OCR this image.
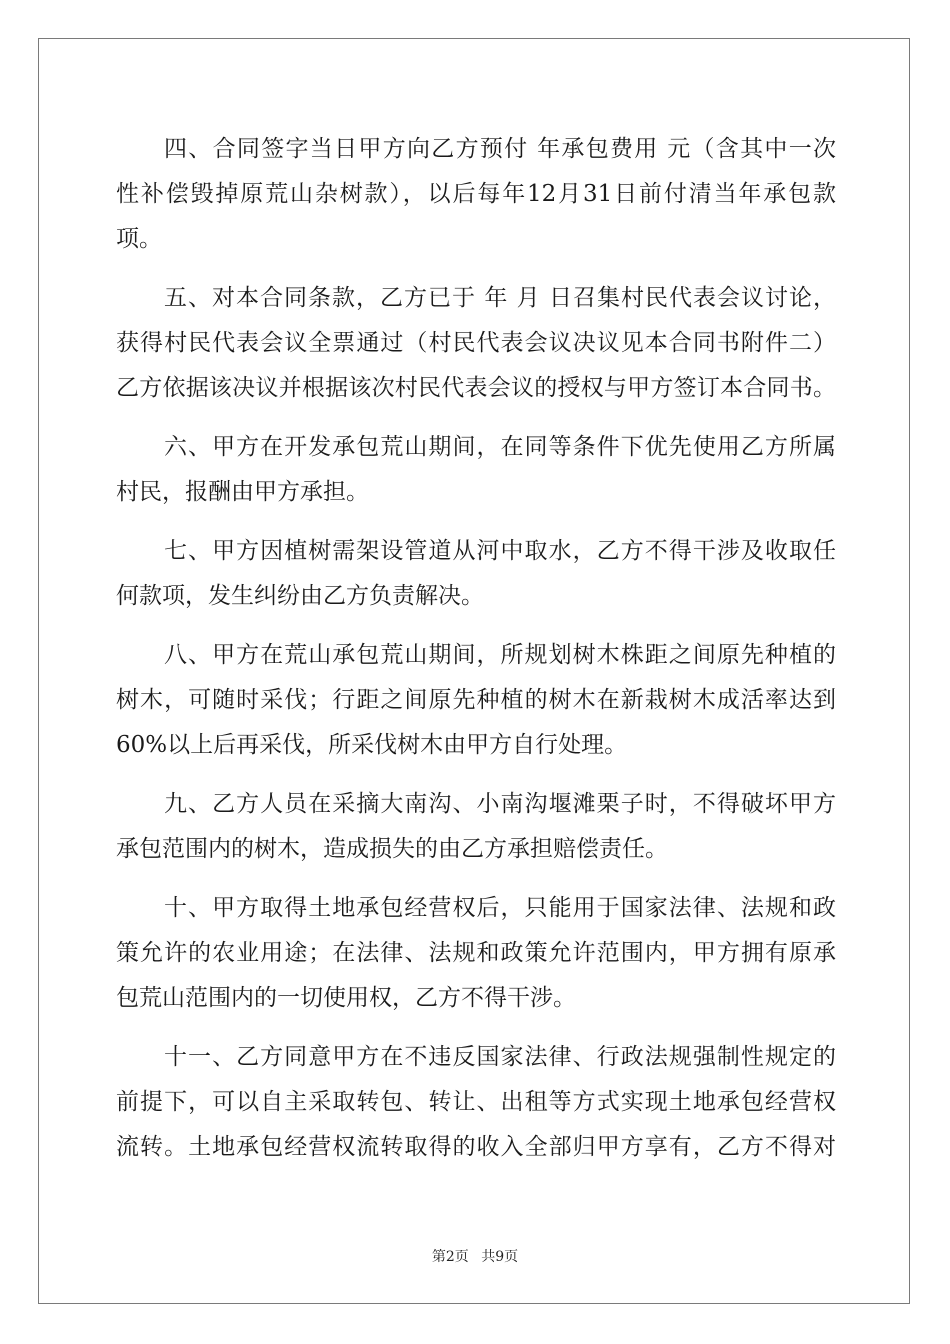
四、合同签字当日甲方向乙方预付 年承包费用 元（含其中一次
性补偿毁掉原荒山杂树款），以后每年12月31日前付清当年承包款
项。
五、对本合同条款，乙方已于 年 月 日召集村民代表会议讨论，
获得村民代表会议全票通过（村民代表会议决议见本合同书附件二）
乙方依据该决议并根据该次村民代表会议的授权与甲方签订本合同书。
六、甲方在开发承包荒山期间，在同等条件下优先使用乙方所属
村民，报酬由甲方承担。
七、甲方因植树需架设管道从河中取水，乙方不得干涉及收取任
何款项，发生纠纷由乙方负责解决。
八、甲方在荒山承包荒山期间，所规划树木株距之间原先种植的
树木，可随时采伐；行距之间原先种植的树木在新栽树木成活率达到
60%以上后再采伐，所采伐树木由甲方自行处理。
九、乙方人员在采摘大南沟、小南沟堰滩栗子时，不得破坏甲方
承包范围内的树木，造成损失的由乙方承担赔偿责任。
十、甲方取得土地承包经营权后，只能用于国家法律、法规和政
策允许的农业用途；在法律、法规和政策允许范围内，甲方拥有原承
包荒山范围内的一切使用权，乙方不得干涉。
十一、乙方同意甲方在不违反国家法律、行政法规强制性规定的
前提下，可以自主采取转包、转让、出租等方式实现土地承包经营权
流转。土地承包经营权流转取得的收入全部归甲方享有，乙方不得对
第2页 共9页
